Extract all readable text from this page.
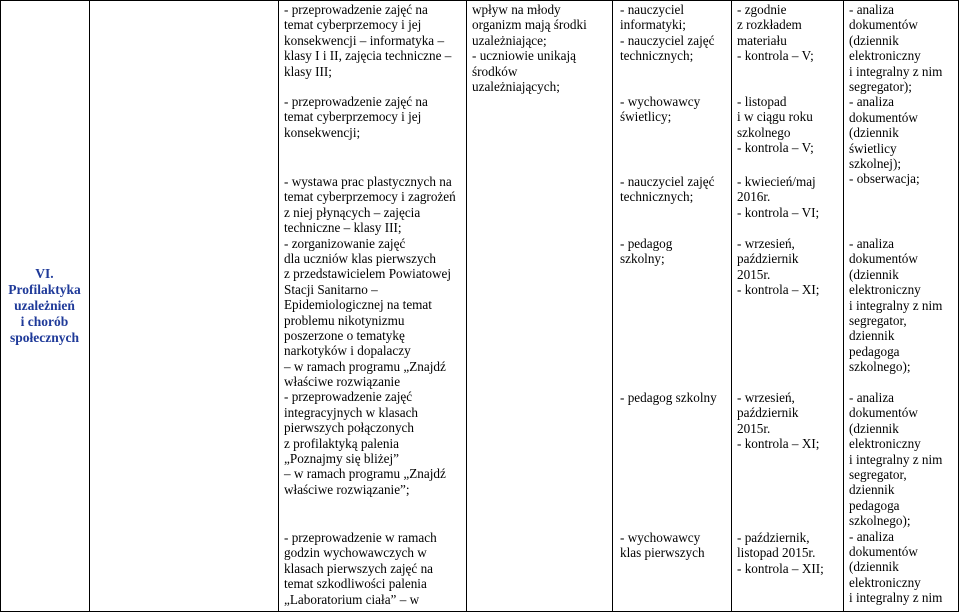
VI. Profilaktyka
uzależnień
i chorób
społecznych
- przeprowadzenie zajęć na
temat cyberprzemocy i jej
konsekwencji – informatyka –
klasy I i II, zajęcia techniczne –
klasy III;
- przeprowadzenie zajęć na
temat cyberprzemocy i jej
konsekwencji;
- wystawa prac plastycznych na
temat cyberprzemocy i zagrożeń
z niej płynących – zajęcia
techniczne – klasy III;
- zorganizowanie zajęć
dla uczniów klas pierwszych
z przedstawicielem Powiatowej
Stacji Sanitarno –
Epidemiologicznej na temat
problemu nikotynizmu
poszerzone o tematykę
narkotyków i dopalaczy
– w ramach programu „Znajdź
właściwe rozwiązanie
- przeprowadzenie zajęć
integracyjnych w klasach
pierwszych połączonych
z profilaktyką palenia
„Poznajmy się bliżej”
– w ramach programu „Znajdź
właściwe rozwiązanie”;
- przeprowadzenie w ramach
godzin wychowawczych w
klasach pierwszych zajęć na
temat szkodliwości palenia
„Laboratorium ciała” – w
wpływ na młody
organizm mają środki
uzależniające;
- uczniowie unikają
środków
uzależniających;
- nauczyciel
informatyki;
- nauczyciel zajęć
technicznych;
- wychowawcy
świetlicy;
- nauczyciel zajęć
technicznych;
- pedagog
szkolny;
- pedagog szkolny
- wychowawcy
klas pierwszych
- zgodnie
z rozkładem
materiału
- kontrola – V;
- listopad
i w ciągu roku
szkolnego
- kontrola – V;
- kwiecień/maj
2016r.
- kontrola – VI;
- wrzesień,
październik
2015r.
- kontrola – XI;
- wrzesień,
październik
2015r.
- kontrola – XI;
- październik,
listopad 2015r.
- kontrola – XII;
- analiza
dokumentów
(dziennik
elektroniczny
i integralny z nim
segregator);
- analiza
dokumentów
(dziennik
świetlicy
szkolnej);
- obserwacja;
- analiza
dokumentów
(dziennik
elektroniczny
i integralny z nim
segregator,
dziennik
pedagoga
szkolnego);
- analiza
dokumentów
(dziennik
elektroniczny
i integralny z nim
segregator,
dziennik
pedagoga
szkolnego);
- analiza
dokumentów
(dziennik
elektroniczny
i integralny z nim
